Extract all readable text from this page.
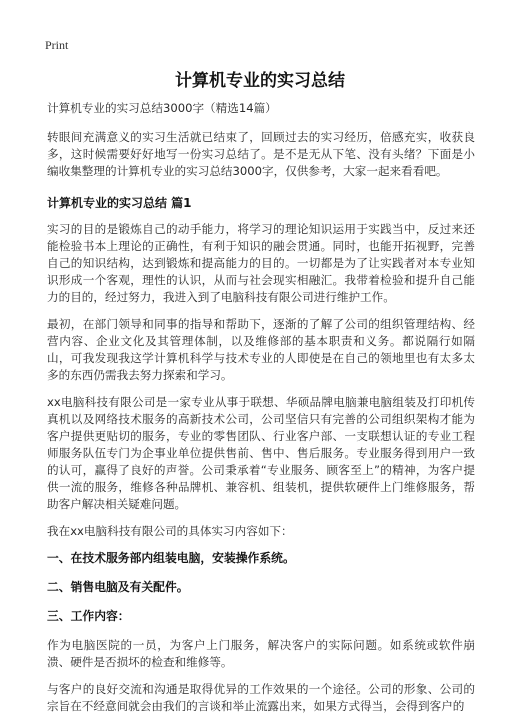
Print
计算机专业的实习总结

计算机专业的实习总结3000字（精选14篇）

转眼间充满意义的实习生活就已结束了，回顾过去的实习经历，倍感充实，收获良多，这时候需要好好地写一份实习总结了。是不是无从下笔、没有头绪？下面是小编收集整理的计算机专业的实习总结3000字，仅供参考，大家一起来看看吧。

计算机专业的实习总结 篇1

实习的目的是锻炼自己的动手能力，将学习的理论知识运用于实践当中，反过来还能检验书本上理论的正确性，有利于知识的融会贯通。同时，也能开拓视野，完善自己的知识结构，达到锻炼和提高能力的目的。一切都是为了让实践者对本专业知识形成一个客观，理性的认识，从而与社会现实相融汇。我带着检验和提升自己能力的目的，经过努力，我进入到了电脑科技有限公司进行维护工作。

最初，在部门领导和同事的指导和帮助下，逐渐的了解了公司的组织管理结构、经营内容、企业文化及其管理体制，以及维修部的基本职责和义务。都说隔行如隔山，可我发现我这学计算机科学与技术专业的人即使是在自己的领地里也有太多太多的东西仍需我去努力探索和学习。

xx电脑科技有限公司是一家专业从事于联想、华硕品牌电脑兼电脑组装及打印机传真机以及网络技术服务的高新技术公司，公司坚信只有完善的公司组织架构才能为客户提供更贴切的服务，专业的零售团队、行业客户部、一支联想认证的专业工程师服务队伍专门为企事业单位提供售前、售中、售后服务。专业服务得到用户一致的认可，赢得了良好的声誉。公司秉承着“专业服务、顾客至上”的精神，为客户提供一流的服务，维修各种品牌机、兼容机、组装机，提供软硬件上门维修服务，帮助客户解决相关疑难问题。

我在xx电脑科技有限公司的具体实习内容如下：

一、在技术服务部内组装电脑，安装操作系统。
二、销售电脑及有关配件。
三、工作内容：

作为电脑医院的一员，为客户上门服务，解决客户的实际问题。如系统或软件崩溃、硬件是否损坏的检查和维修等。

与客户的良好交流和沟通是取得优异的工作效果的一个途径。公司的形象、公司的宗旨在不经意间就会由我们的言谈和举止流露出来，如果方式得当，会得到客户的
